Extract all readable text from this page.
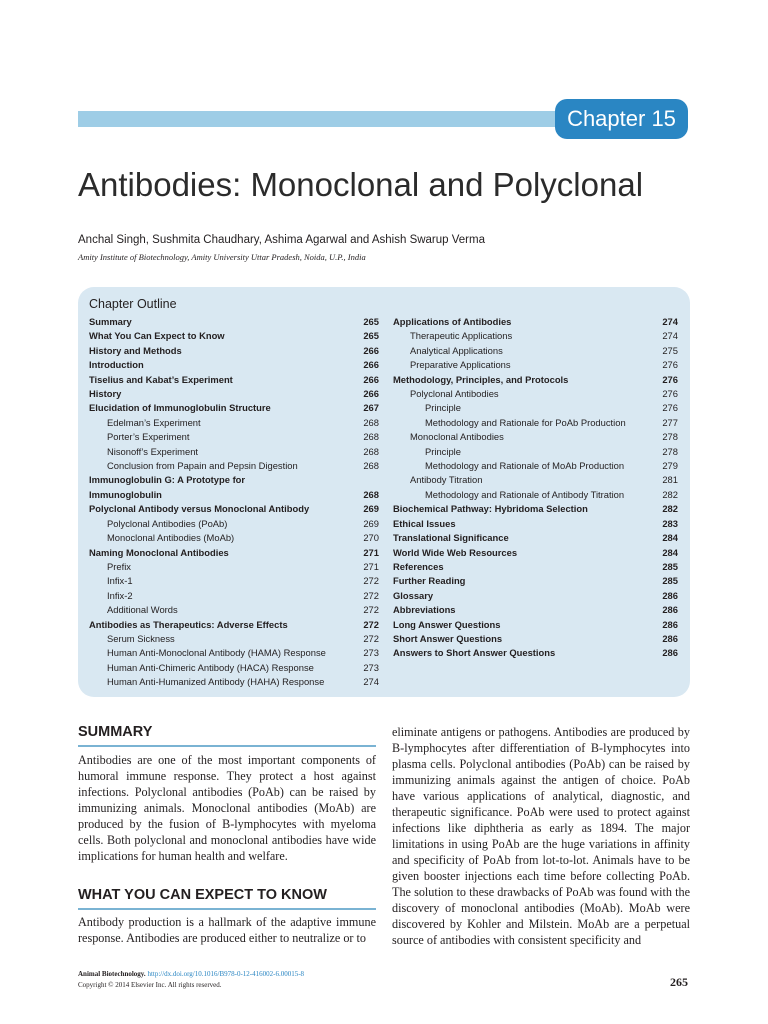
Chapter 15
Antibodies: Monoclonal and Polyclonal
Anchal Singh, Sushmita Chaudhary, Ashima Agarwal and Ashish Swarup Verma
Amity Institute of Biotechnology, Amity University Uttar Pradesh, Noida, U.P., India
Chapter Outline
Summary	265
What You Can Expect to Know	265
History and Methods	266
Introduction	266
Tiselius and Kabat’s Experiment	266
History	266
Elucidation of Immunoglobulin Structure	267
Edelman’s Experiment	268
Porter’s Experiment	268
Nisonoff’s Experiment	268
Conclusion from Papain and Pepsin Digestion	268
Immunoglobulin G: A Prototype for
Immunoglobulin	268
Polyclonal Antibody versus Monoclonal Antibody	269
Polyclonal Antibodies (PoAb)	269
Monoclonal Antibodies (MoAb)	270
Naming Monoclonal Antibodies	271
Prefix	271
Infix-1	272
Infix-2	272
Additional Words	272
Antibodies as Therapeutics: Adverse Effects	272
Serum Sickness	272
Human Anti-Monoclonal Antibody (HAMA) Response	273
Human Anti-Chimeric Antibody (HACA) Response	273
Human Anti-Humanized Antibody (HAHA) Response	274
Applications of Antibodies	274
Therapeutic Applications	274
Analytical Applications	275
Preparative Applications	276
Methodology, Principles, and Protocols	276
Polyclonal Antibodies	276
Principle	276
Methodology and Rationale for PoAb Production	277
Monoclonal Antibodies	278
Principle	278
Methodology and Rationale of MoAb Production	279
Antibody Titration	281
Methodology and Rationale of Antibody Titration	282
Biochemical Pathway: Hybridoma Selection	282
Ethical Issues	283
Translational Significance	284
World Wide Web Resources	284
References	285
Further Reading	285
Glossary	286
Abbreviations	286
Long Answer Questions	286
Short Answer Questions	286
Answers to Short Answer Questions	286
SUMMARY
Antibodies are one of the most important components of humoral immune response. They protect a host against infections. Polyclonal antibodies (PoAb) can be raised by immunizing animals. Monoclonal antibodies (MoAb) are produced by the fusion of B-lymphocytes with myeloma cells. Both polyclonal and monoclonal antibodies have wide implications for human health and welfare.
WHAT YOU CAN EXPECT TO KNOW
Antibody production is a hallmark of the adaptive immune response. Antibodies are produced either to neutralize or to
eliminate antigens or pathogens. Antibodies are produced by B-lymphocytes after differentiation of B-lymphocytes into plasma cells. Polyclonal antibodies (PoAb) can be raised by immunizing animals against the antigen of choice. PoAb have various applications of analytical, diagnostic, and therapeutic significance. PoAb were used to protect against infections like diphtheria as early as 1894. The major limitations in using PoAb are the huge variations in affinity and specificity of PoAb from lot-to-lot. Animals have to be given booster injections each time before collecting PoAb. The solution to these drawbacks of PoAb was found with the discovery of monoclonal antibodies (MoAb). MoAb were discovered by Kohler and Milstein. MoAb are a perpetual source of antibodies with consistent specificity and
Animal Biotechnology. http://dx.doi.org/10.1016/B978-0-12-416002-6.00015-8
Copyright © 2014 Elsevier Inc. All rights reserved.	265
